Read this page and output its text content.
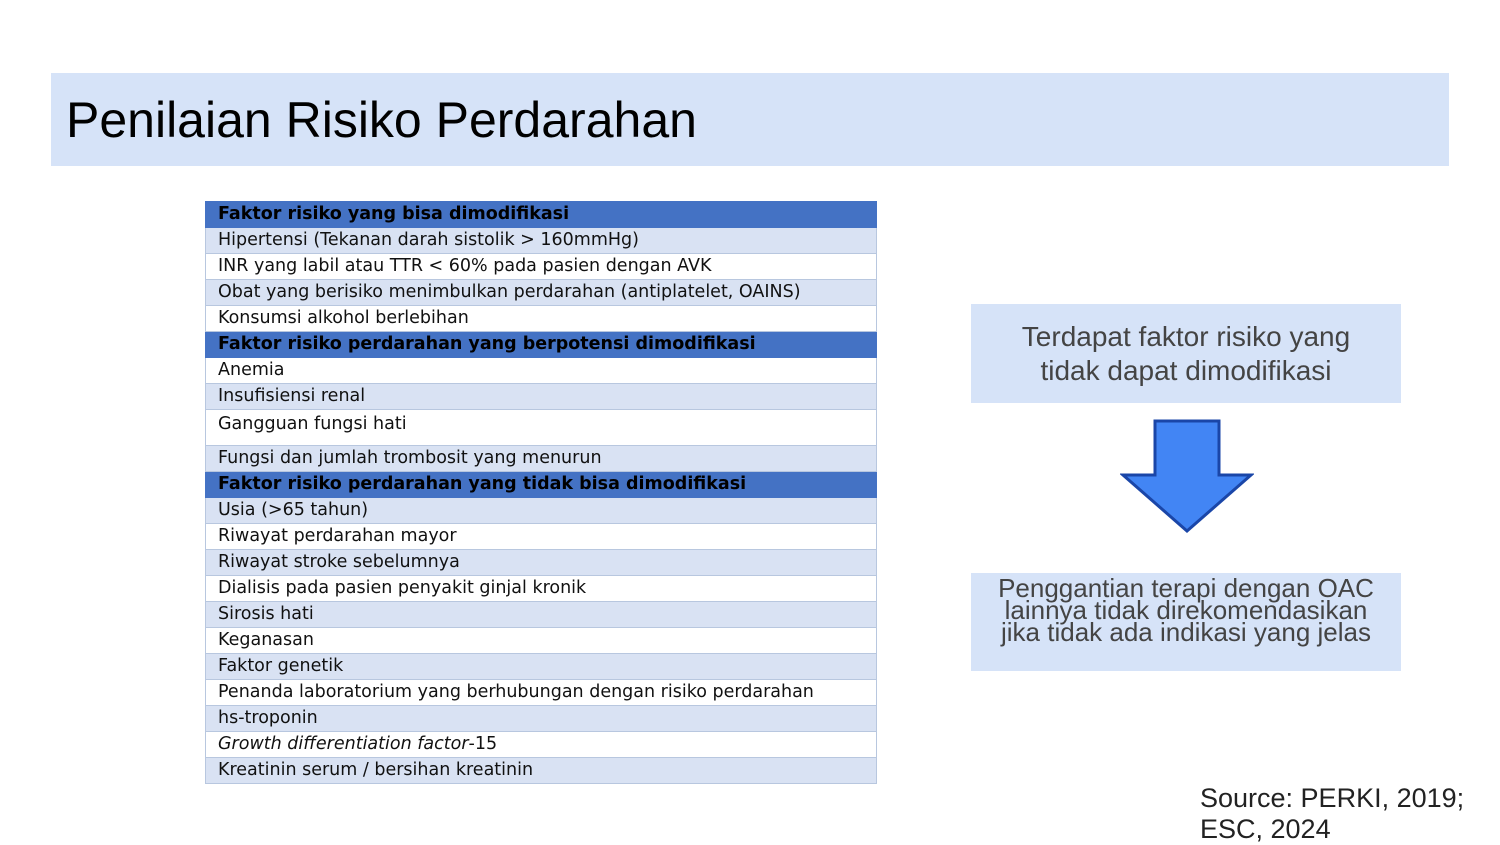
Penilaian Risiko Perdarahan
Faktor risiko yang bisa dimodifikasi
Hipertensi (Tekanan darah sistolik > 160mmHg)
INR yang labil atau TTR < 60% pada pasien dengan AVK
Obat yang berisiko menimbulkan perdarahan (antiplatelet, OAINS)
Konsumsi alkohol berlebihan
Faktor risiko perdarahan yang berpotensi dimodifikasi
Anemia
Insufisiensi renal
Gangguan fungsi hati
Fungsi dan jumlah trombosit yang menurun
Faktor risiko perdarahan yang tidak bisa dimodifikasi
Usia (>65 tahun)
Riwayat perdarahan mayor
Riwayat stroke sebelumnya
Dialisis pada pasien penyakit ginjal kronik
Sirosis hati
Keganasan
Faktor genetik
Penanda laboratorium yang berhubungan dengan risiko perdarahan
hs-troponin
Growth differentiation factor-15
Kreatinin serum / bersihan kreatinin
Terdapat faktor risiko yang
tidak dapat dimodifikasi
Penggantian terapi dengan OAC
lainnya tidak direkomendasikan
jika tidak ada indikasi yang jelas
Source: PERKI, 2019;
ESC, 2024
